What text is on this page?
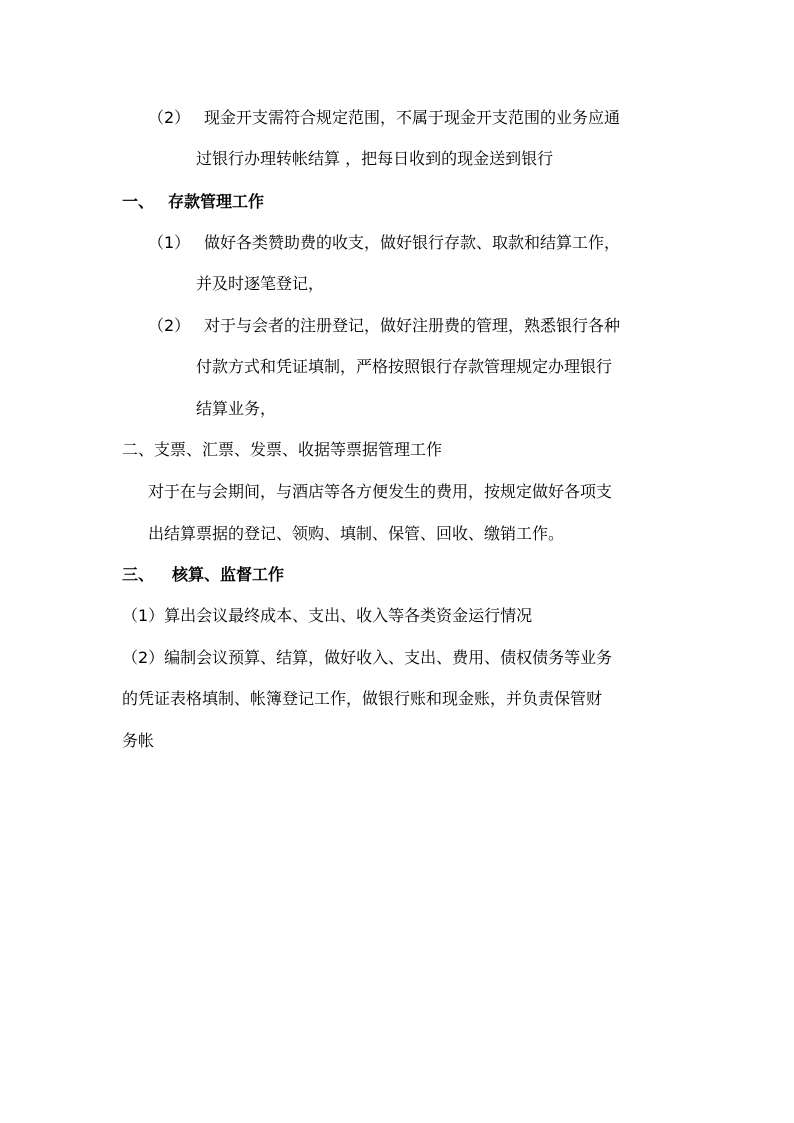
（2） 现金开支需符合规定范围，不属于现金开支范围的业务应通
过银行办理转帐结算 ，把每日收到的现金送到银行
一、 存款管理工作
（1） 做好各类赞助费的收支，做好银行存款、取款和结算工作，
并及时逐笔登记，
（2） 对于与会者的注册登记，做好注册费的管理，熟悉银行各种
付款方式和凭证填制，严格按照银行存款管理规定办理银行
结算业务，
二、支票、汇票、发票、收据等票据管理工作
对于在与会期间，与酒店等各方便发生的费用，按规定做好各项支
出结算票据的登记、领购、填制、保管、回收、缴销工作。
三、 核算、监督工作
（1）算出会议最终成本、支出、收入等各类资金运行情况
（2）编制会议预算、结算，做好收入、支出、费用、债权债务等业务
的凭证表格填制、帐簿登记工作，做银行账和现金账，并负责保管财
务帐
